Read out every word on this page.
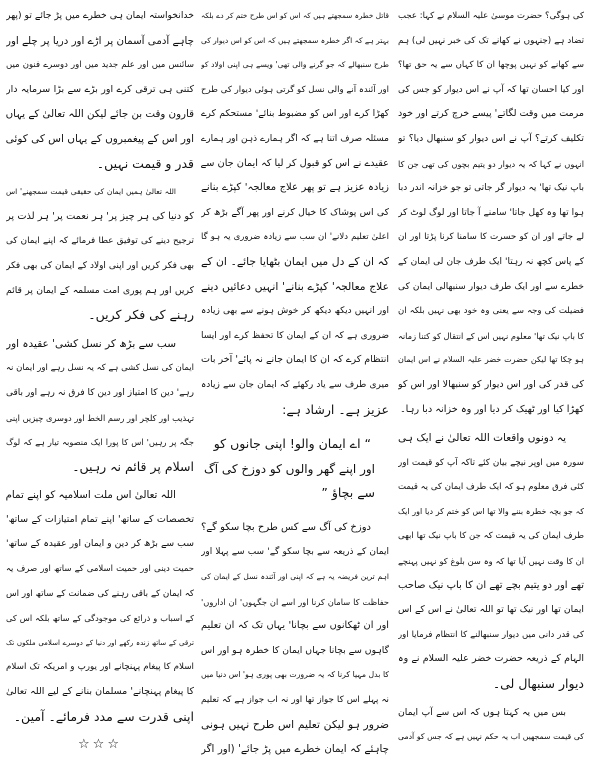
کی ہوگی؟ حضرت موسیٰ علیہ السلام نے کہا: عجب
تضاد ہے (جنہوں نے کھانے تک کی خبر نہیں لی) ہم
سے کھانے کو نہیں پوچھا ان کا کہاں سے یہ حق تھا؟
اور کیا احسان تھا کہ آپ نے اس دیوار کو جس کی
مرمت میں وقت لگاتے' پیسے خرچ کرتے اور خود
تکلیف کرتے؟ آپ نے اس دیوار کو سنبھال دیا؟ تو
انہوں نے کہا کہ یہ دیوار دو یتیم بچوں کی تھی جن کا
باپ نیک تھا' یہ دیوار گر جاتی تو جو خزانہ اندر دبا
ہوا تھا وہ کھل جاتا' سامنے آ جاتا اور لوگ لوٹ کر
لے جاتے اور ان کو حسرت کا سامنا کرنا پڑتا اور ان
کے پاس کچھ نہ رہتا' ایک طرف جان لی ایمان کے
خطرے سے اور ایک طرف دیوار سنبھالی ایمان کی
فضیلت کی وجہ سے یعنی وہ خود بھی نہیں بلکہ ان
کا باپ نیک تھا' معلوم نہیں اس کے انتقال کو کتنا زمانہ
ہو چکا تھا لیکن حضرت خضر علیہ السلام نے اس ایمان
کی قدر کی اور اس دیوار کو سنبھالا اور اس کو
کھڑا کیا اور ٹھیک کر دیا اور وہ خزانہ دبا رہا۔
یہ دونوں واقعات اللہ تعالیٰ نے ایک ہی
سورہ میں اوپر نیچے بیان کئے تاکہ آپ کو قیمت اور
کئی فرق معلوم ہو کہ ایک طرف ایمان کی یہ قیمت
کہ جو بچہ خطرہ بننے والا تھا اس کو ختم کر دیا اور ایک
طرف ایمان کی یہ قیمت کہ جن کا باپ نیک تھا ابھی
ان کا وقت نہیں آیا تھا کہ وہ سن بلوغ کو نہیں پہنچے
تھے اور دو یتیم بچے تھے ان کا باپ نیک صاحب
ایمان تھا اور نیک تھا تو اللہ تعالیٰ نے اس کے اس
کی قدر دانی میں دیوار سنبھالنے کا انتظام فرمایا اور
الہام کے ذریعہ حضرت خضر علیہ السلام نے وہ
دیوار سنبھال لی۔
بس میں یہ کہتا ہوں کہ اس سے آپ ایمان
کی قیمت سمجھیں اب یہ حکم نہیں ہے کہ جس کو آدمی
قاتل خطرہ سمجھتے ہیں کہ اس کو اس طرح ختم کر دے بلکہ
بہتر ہے کہ اگر خطرہ سمجھتے ہیں کہ اس کو اس دیوار کی
طرح سنبھالے کہ جو گرنے والی تھی' ویسے ہی اپنی اولاد کو
اور آئندہ آنے والی نسل کو گرتی ہوئی دیوار کی طرح
کھڑا کرے اور اس کو مضبوط بنائے' مستحکم کرے
مسئلہ صرف اتنا ہے کہ اگر ہمارے ذہن اور ہمارے
عقیدے نے اس کو قبول کر لیا کہ ایمان جان سے
زیادہ عزیز ہے تو پھر علاج معالجہ' کپڑے بنانے
کی اس پوشاک کا خیال کرنے اور پھر آگے بڑھ کر
اعلیٰ تعلیم دلانے' ان سب سے زیادہ ضروری یہ ہو گا
کہ ان کے دل میں ایمان بٹھایا جائے۔ ان کے
علاج معالجہ' کپڑے بنانے' انہیں دعائیں دینے
اور انہیں دیکھ دیکھ کر خوش ہونے سے بھی زیادہ
ضروری ہے کہ ان کے ایمان کا تحفظ کرے اور ایسا
انتظام کرے کہ ان کا ایمان جانے نہ پائے' آخر بات
میری طرف سے یاد رکھئے کہ ایمان جان سے زیادہ
عزیز ہے۔ ارشاد ہے:
“ اے ایمان والو! اپنی جانوں کو
اور اپنے گھر والوں کو دوزخ کی آگ
سے بچاؤ ”
دوزخ کی آگ سے کس طرح بچا سکو گے؟
ایمان کے ذریعہ سے بچا سکو گے' سب سے پہلا اور
اہم ترین فریضہ یہ ہے کہ اپنی اور آئندہ نسل کے ایمان کی
حفاظت کا سامان کرنا اور اسے ان جگہوں' ان اداروں'
اور ان ٹھکانوں سے بچانا' یہاں تک کہ ان تعلیم
گاہوں سے بچانا جہاں ایمان کا خطرہ ہو اور اس
کا بدل مہیا کرنا کہ یہ ضرورت بھی پوری ہو' اس دنیا میں
نہ پہلے اس کا جواز تھا اور نہ اب جواز ہے کہ تعلیم
ضرور ہو لیکن تعلیم اس طرح نہیں ہونی
چاہئے کہ ایمان خطرے میں پڑ جائے' (اور اگر
خدانخواستہ ایمان ہی خطرے میں پڑ جائے تو (پھر
چاہے آدمی آسمان پر اڑے اور دریا پر چلے اور
سائنس میں اور علم جدید میں اور دوسرے فنون میں
کتنی ہی ترقی کرے اور بڑے سے بڑا سرمایہ دار
قارون وقت بن جائے لیکن اللہ تعالیٰ کے یہاں
اور اس کے پیغمبروں کے یہاں اس کی کوئی
قدر و قیمت نہیں۔
اللہ تعالیٰ ہمیں ایمان کی حقیقی قیمت سمجھنے' اس
کو دنیا کی ہر چیز پر' ہر نعمت پر' ہر لذت پر
ترجیح دینے کی توفیق عطا فرمائے کہ اپنے ایمان کی
بھی فکر کریں اور اپنی اولاد کے ایمان کی بھی فکر
کریں اور ہم پوری امت مسلمہ کے ایمان پر قائم
رہنے کی فکر کریں۔
سب سے بڑھ کر نسل کشی' عقیدہ اور
ایمان کی نسل کشی ہے کہ یہ نسل رہے اور ایمان نہ
رہے' دین کا امتیاز اور دین کا فرق نہ رہے اور باقی
تہذیب اور کلچر اور رسم الخط اور دوسری چیزیں اپنی
جگہ پر رہیں' اس کا پورا ایک منصوبہ تیار ہے کہ لوگ
اسلام پر قائم نہ رہیں۔
اللہ تعالیٰ اس ملت اسلامیہ کو اپنے تمام
تخصصات کے ساتھ' اپنے تمام امتیازات کے ساتھ'
سب سے بڑھ کر دین و ایمان اور عقیدہ کے ساتھ'
حمیت دینی اور حمیت اسلامی کے ساتھ اور صرف یہ
کہ ایمان کے باقی رہنے کی ضمانت کے ساتھ اور اس
کے اسباب و ذرائع کی موجودگی کے ساتھ بلکہ اس کی
ترقی کے ساتھ زندہ رکھے اور دنیا کے دوسرے اسلامی ملکوں تک
اسلام کا پیغام پہنچانے اور یورپ و امریکہ تک اسلام
کا پیغام پہنچانے' مسلمان بنانے کے لیے اللہ تعالیٰ
اپنی قدرت سے مدد فرمائے۔ آمین۔
☆☆☆
